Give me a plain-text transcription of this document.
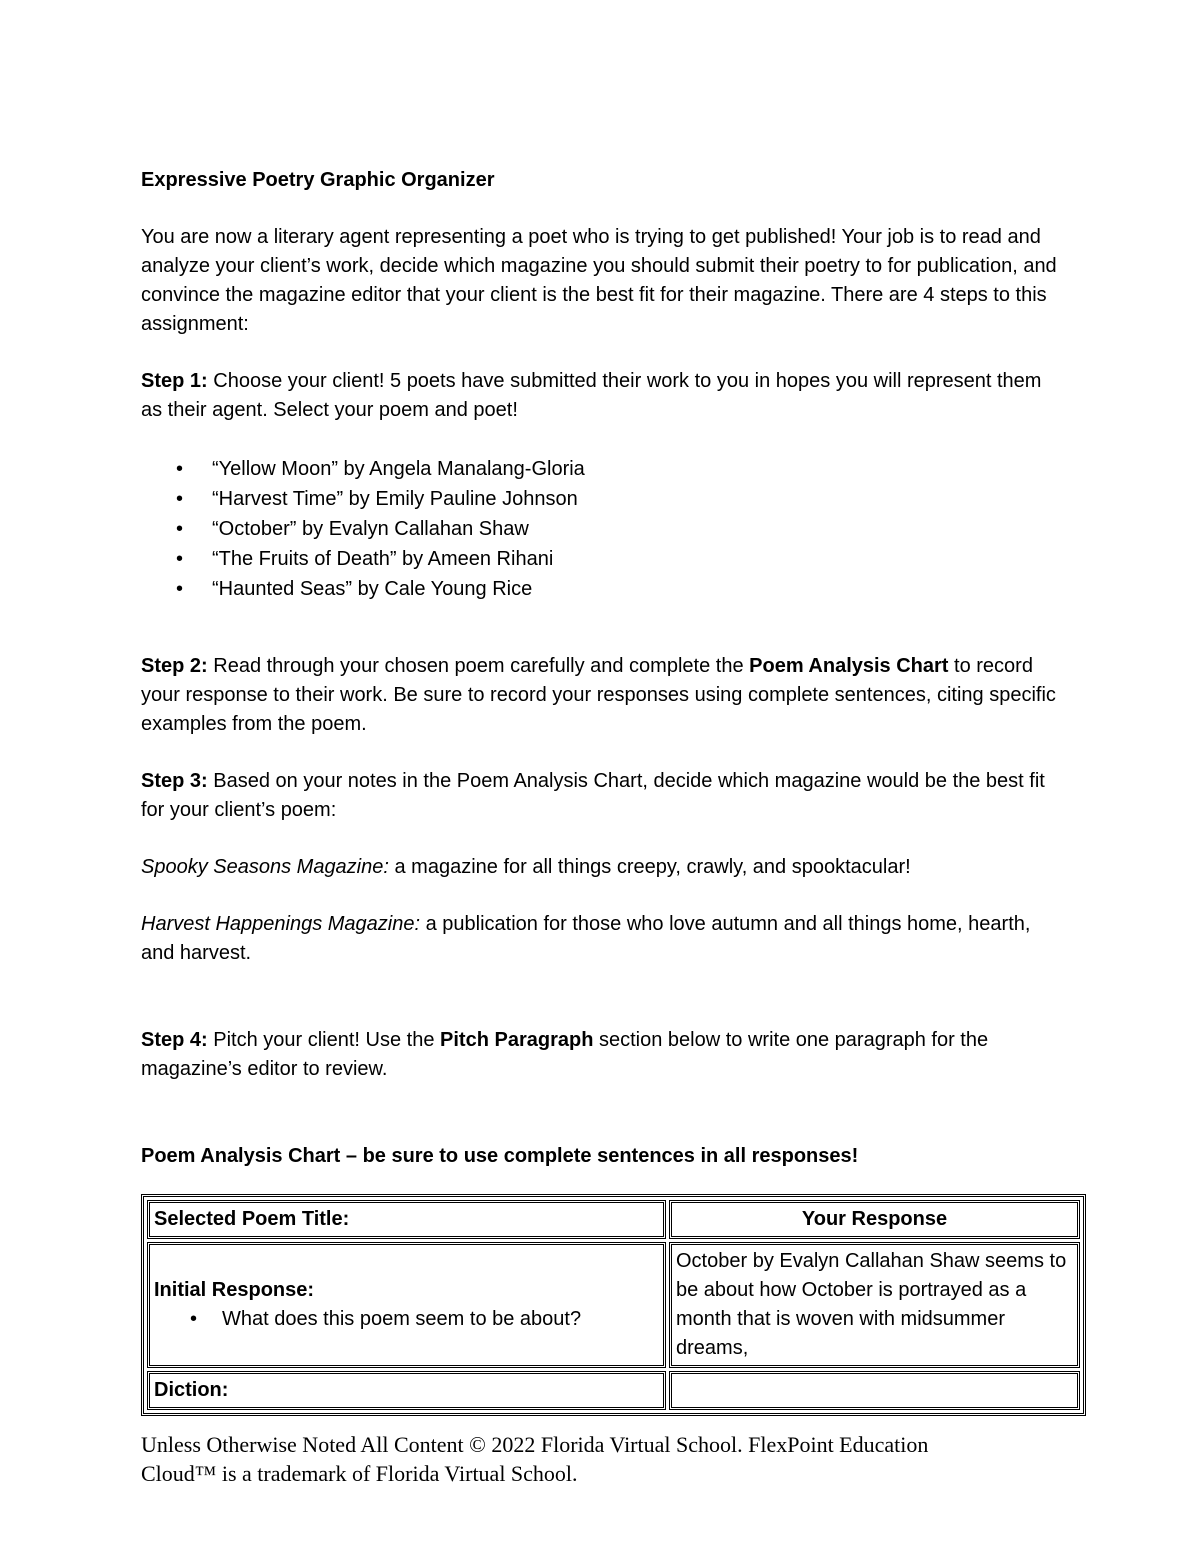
Expressive Poetry Graphic Organizer

You are now a literary agent representing a poet who is trying to get published! Your job is to read and analyze your client’s work, decide which magazine you should submit their poetry to for publication, and convince the magazine editor that your client is the best fit for their magazine. There are 4 steps to this assignment:

Step 1: Choose your client! 5 poets have submitted their work to you in hopes you will represent them as their agent. Select your poem and poet!

• “Yellow Moon” by Angela Manalang-Gloria
• “Harvest Time” by Emily Pauline Johnson
• “October” by Evalyn Callahan Shaw
• “The Fruits of Death” by Ameen Rihani
• “Haunted Seas” by Cale Young Rice

Step 2: Read through your chosen poem carefully and complete the Poem Analysis Chart to record your response to their work. Be sure to record your responses using complete sentences, citing specific examples from the poem.

Step 3: Based on your notes in the Poem Analysis Chart, decide which magazine would be the best fit for your client’s poem:

Spooky Seasons Magazine: a magazine for all things creepy, crawly, and spooktacular!

Harvest Happenings Magazine: a publication for those who love autumn and all things home, hearth, and harvest.

Step 4: Pitch your client! Use the Pitch Paragraph section below to write one paragraph for the magazine’s editor to review.

Poem Analysis Chart – be sure to use complete sentences in all responses!

Selected Poem Title:	Your Response

Initial Response:
• What does this poem seem to be about?	October by Evalyn Callahan Shaw seems to be about how October is portrayed as a month that is woven with midsummer dreams,
Diction:	
Unless Otherwise Noted All Content © 2022 Florida Virtual School. FlexPoint Education
Cloud™ is a trademark of Florida Virtual School.
